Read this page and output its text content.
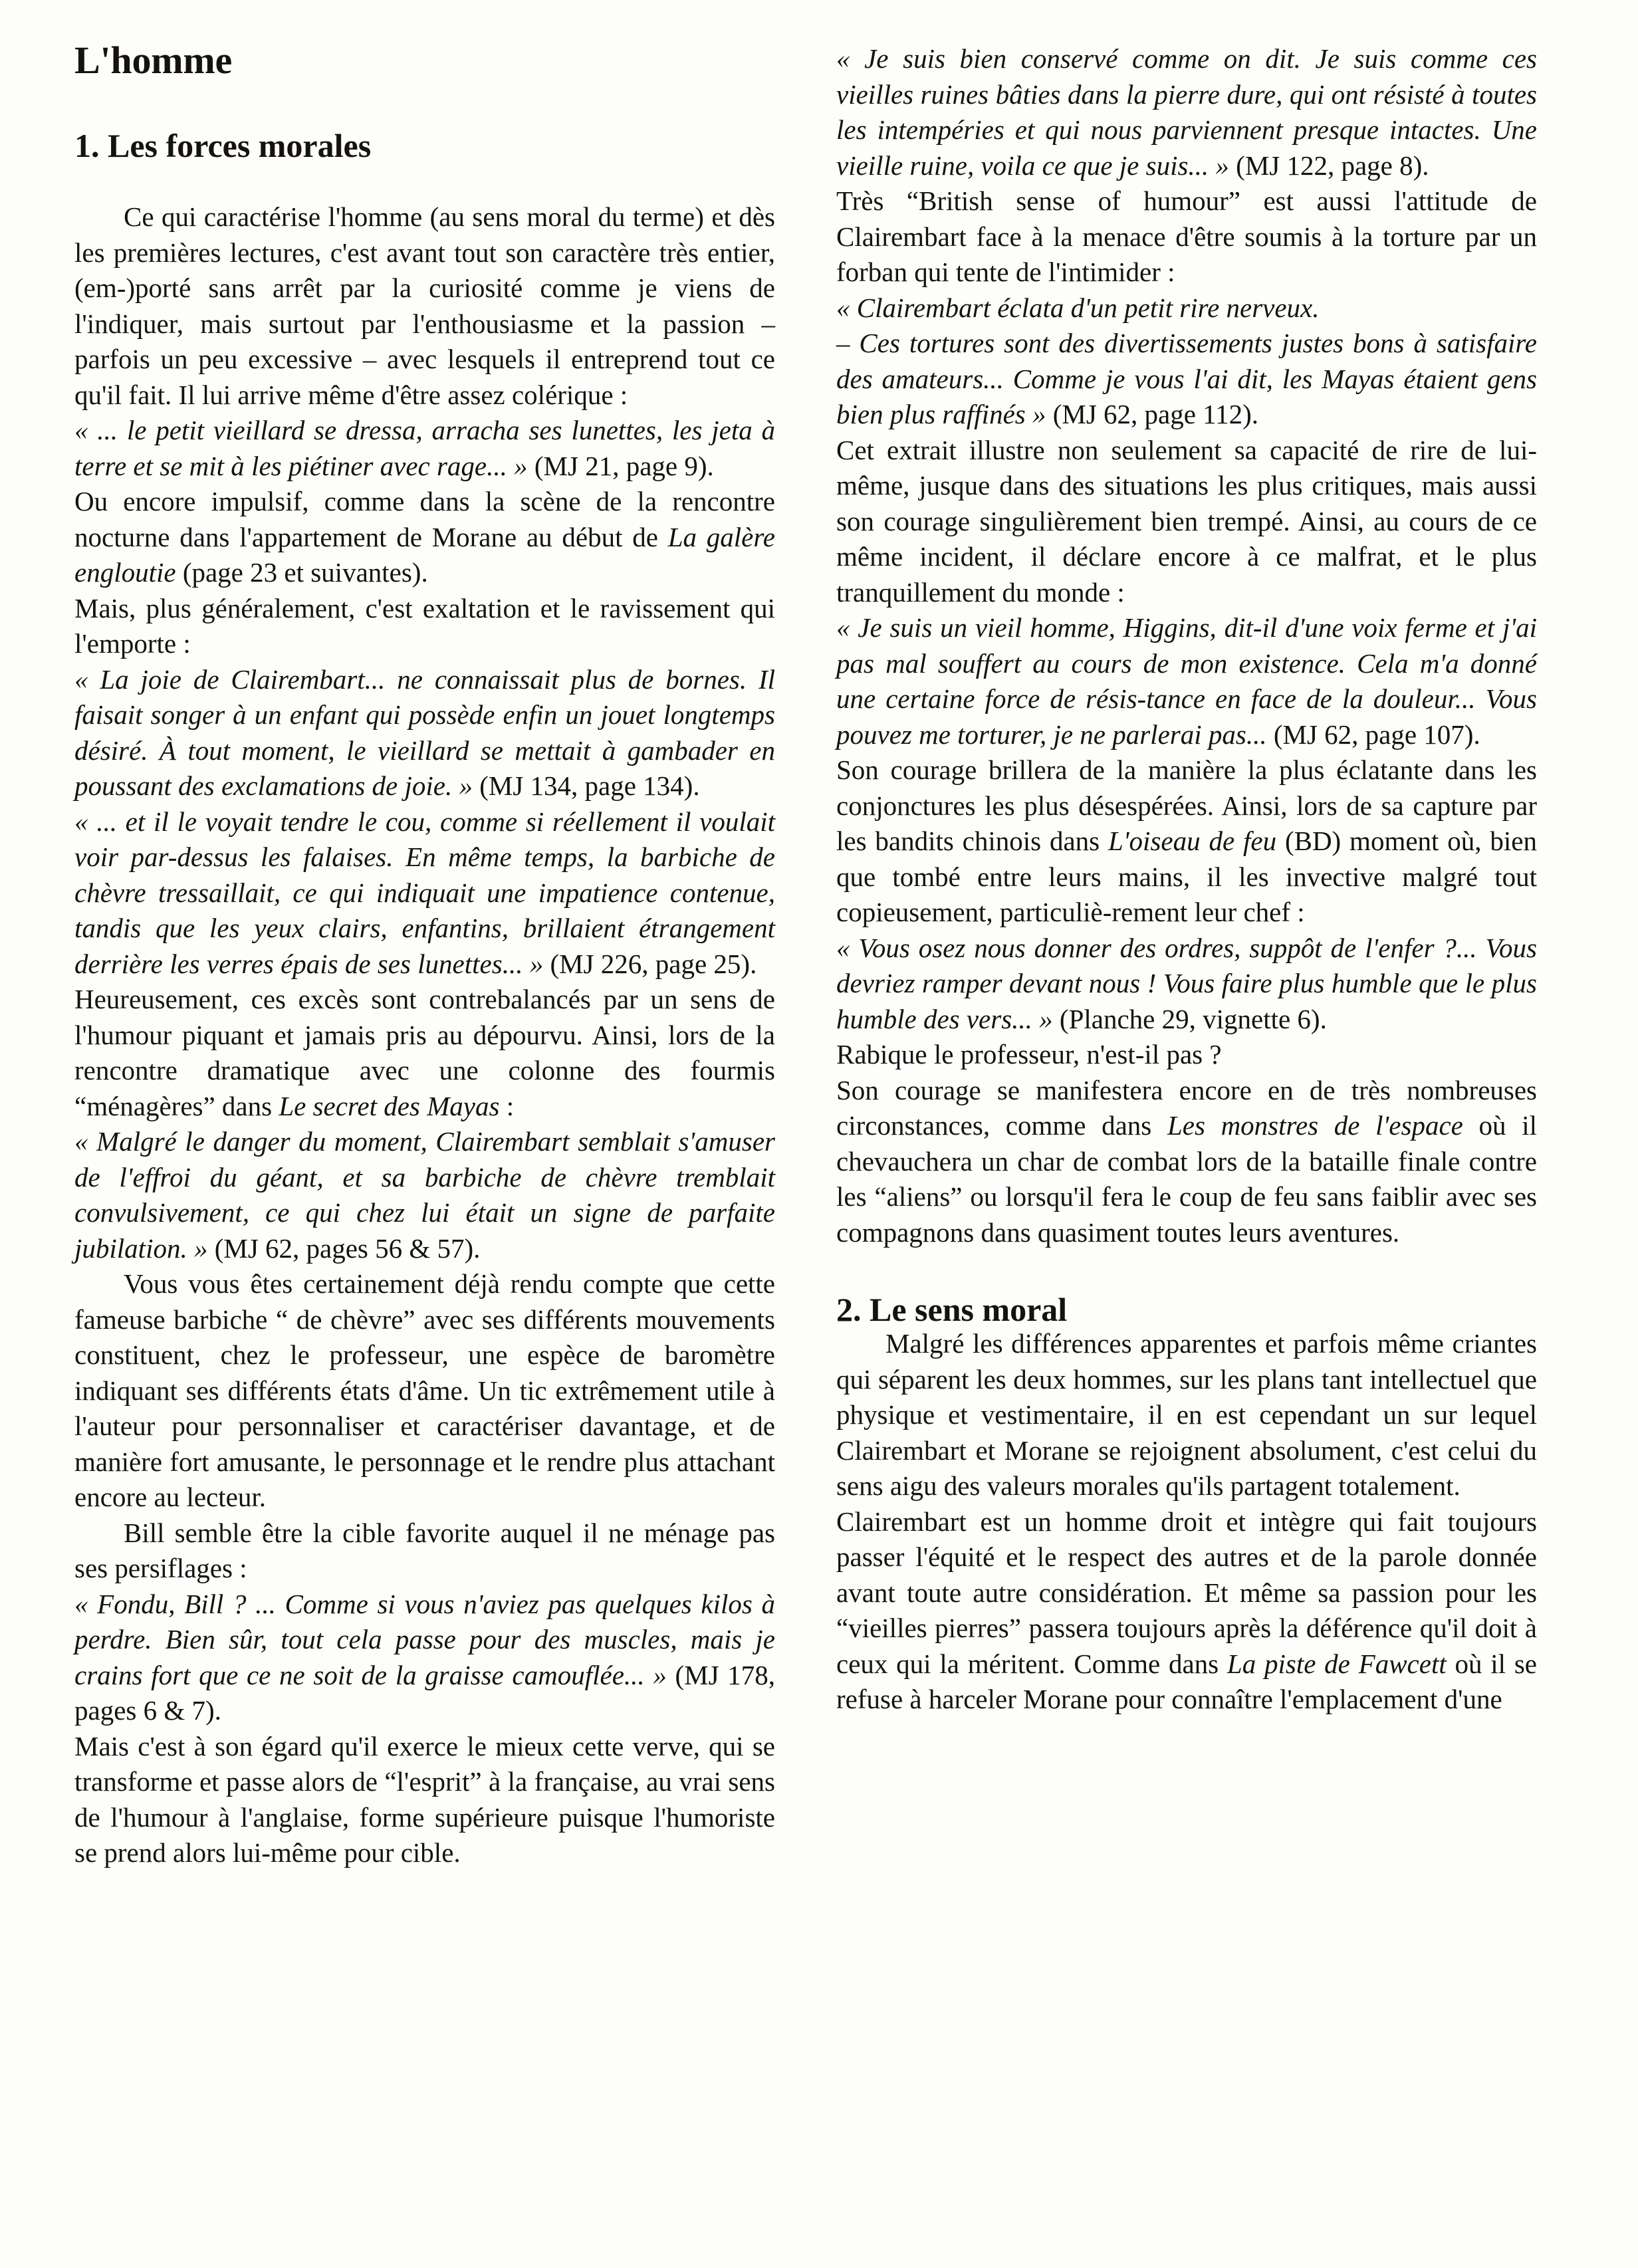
L'homme
1. Les forces morales

Ce qui caractérise l'homme (au sens moral du terme) et dès les premières lectures, c'est avant tout son caractère très entier, (em-)porté sans arrêt par la curiosité comme je viens de l'indiquer, mais surtout par l'enthousiasme et la passion – parfois un peu excessive – avec lesquels il entreprend tout ce qu'il fait. Il lui arrive même d'être assez colérique :

« ... le petit vieillard se dressa, arracha ses lunettes, les jeta à terre et se mit à les piétiner avec rage... » (MJ 21, page 9).

Ou encore impulsif, comme dans la scène de la rencontre nocturne dans l'appartement de Morane au début de La galère engloutie (page 23 et suivantes).

Mais, plus généralement, c'est exaltation et le ravissement qui l'emporte :

« La joie de Clairembart... ne connaissait plus de bornes. Il faisait songer à un enfant qui possède enfin un jouet longtemps désiré. À tout moment, le vieillard se mettait à gambader en poussant des exclamations de joie. » (MJ 134, page 134).

« ... et il le voyait tendre le cou, comme si réellement il voulait voir par-dessus les falaises. En même temps, la barbiche de chèvre tressaillait, ce qui indiquait une impatience contenue, tandis que les yeux clairs, enfantins, brillaient étrangement derrière les verres épais de ses lunettes... » (MJ 226, page 25).

Heureusement, ces excès sont contrebalancés par un sens de l'humour piquant et jamais pris au dépourvu. Ainsi, lors de la rencontre dramatique avec une colonne des fourmis “ménagères” dans Le secret des Mayas :

« Malgré le danger du moment, Clairembart semblait s'amuser de l'effroi du géant, et sa barbiche de chèvre tremblait convulsivement, ce qui chez lui était un signe de parfaite jubilation. » (MJ 62, pages 56 & 57).

Vous vous êtes certainement déjà rendu compte que cette fameuse barbiche “ de chèvre” avec ses différents mouvements constituent, chez le professeur, une espèce de baromètre indiquant ses différents états d'âme. Un tic extrêmement utile à l'auteur pour personnaliser et caractériser davantage, et de manière fort amusante, le personnage et le rendre plus attachant encore au lecteur.

Bill semble être la cible favorite auquel il ne ménage pas ses persiflages :

« Fondu, Bill ? ... Comme si vous n'aviez pas quelques kilos à perdre. Bien sûr, tout cela passe pour des muscles, mais je crains fort que ce ne soit de la graisse camouflée... » (MJ 178, pages 6 & 7).

Mais c'est à son égard qu'il exerce le mieux cette verve, qui se transforme et passe alors de “l'esprit” à la française, au vrai sens de l'humour à l'anglaise, forme supérieure puisque l'humoriste se prend alors lui-même pour cible.

« Je suis bien conservé comme on dit. Je suis comme ces vieilles ruines bâties dans la pierre dure, qui ont résisté à toutes les intempéries et qui nous parviennent presque intactes. Une vieille ruine, voila ce que je suis... » (MJ 122, page 8).

Très “British sense of humour” est aussi l'attitude de Clairembart face à la menace d'être soumis à la torture par un forban qui tente de l'intimider :

« Clairembart éclata d'un petit rire nerveux.

– Ces tortures sont des divertissements justes bons à satisfaire des amateurs... Comme je vous l'ai dit, les Mayas étaient gens bien plus raffinés » (MJ 62, page 112).

Cet extrait illustre non seulement sa capacité de rire de lui-même, jusque dans des situations les plus critiques, mais aussi son courage singulièrement bien trempé. Ainsi, au cours de ce même incident, il déclare encore à ce malfrat, et le plus tranquillement du monde :

« Je suis un vieil homme, Higgins, dit-il d'une voix ferme et j'ai pas mal souffert au cours de mon existence. Cela m'a donné une certaine force de résis-tance en face de la douleur... Vous pouvez me torturer, je ne parlerai pas... (MJ 62, page 107).

Son courage brillera de la manière la plus éclatante dans les conjonctures les plus désespérées. Ainsi, lors de sa capture par les bandits chinois dans L'oiseau de feu (BD) moment où, bien que tombé entre leurs mains, il les invective malgré tout copieusement, particuliè-rement leur chef :

« Vous osez nous donner des ordres, suppôt de l'enfer ?... Vous devriez ramper devant nous ! Vous faire plus humble que le plus humble des vers... » (Planche 29, vignette 6).

Rabique le professeur, n'est-il pas ?

Son courage se manifestera encore en de très nombreuses circonstances, comme dans Les monstres de l'espace où il chevauchera un char de combat lors de la bataille finale contre les “aliens” ou lorsqu'il fera le coup de feu sans faiblir avec ses compagnons dans quasiment toutes leurs aventures.

2. Le sens moral

Malgré les différences apparentes et parfois même criantes qui séparent les deux hommes, sur les plans tant intellectuel que physique et vestimentaire, il en est cependant un sur lequel Clairembart et Morane se rejoignent absolument, c'est celui du sens aigu des valeurs morales qu'ils partagent totalement.

Clairembart est un homme droit et intègre qui fait toujours passer l'équité et le respect des autres et de la parole donnée avant toute autre considération. Et même sa passion pour les “vieilles pierres” passera toujours après la déférence qu'il doit à ceux qui la méritent. Comme dans La piste de Fawcett où il se refuse à harceler Morane pour connaître l'emplacement d'une
